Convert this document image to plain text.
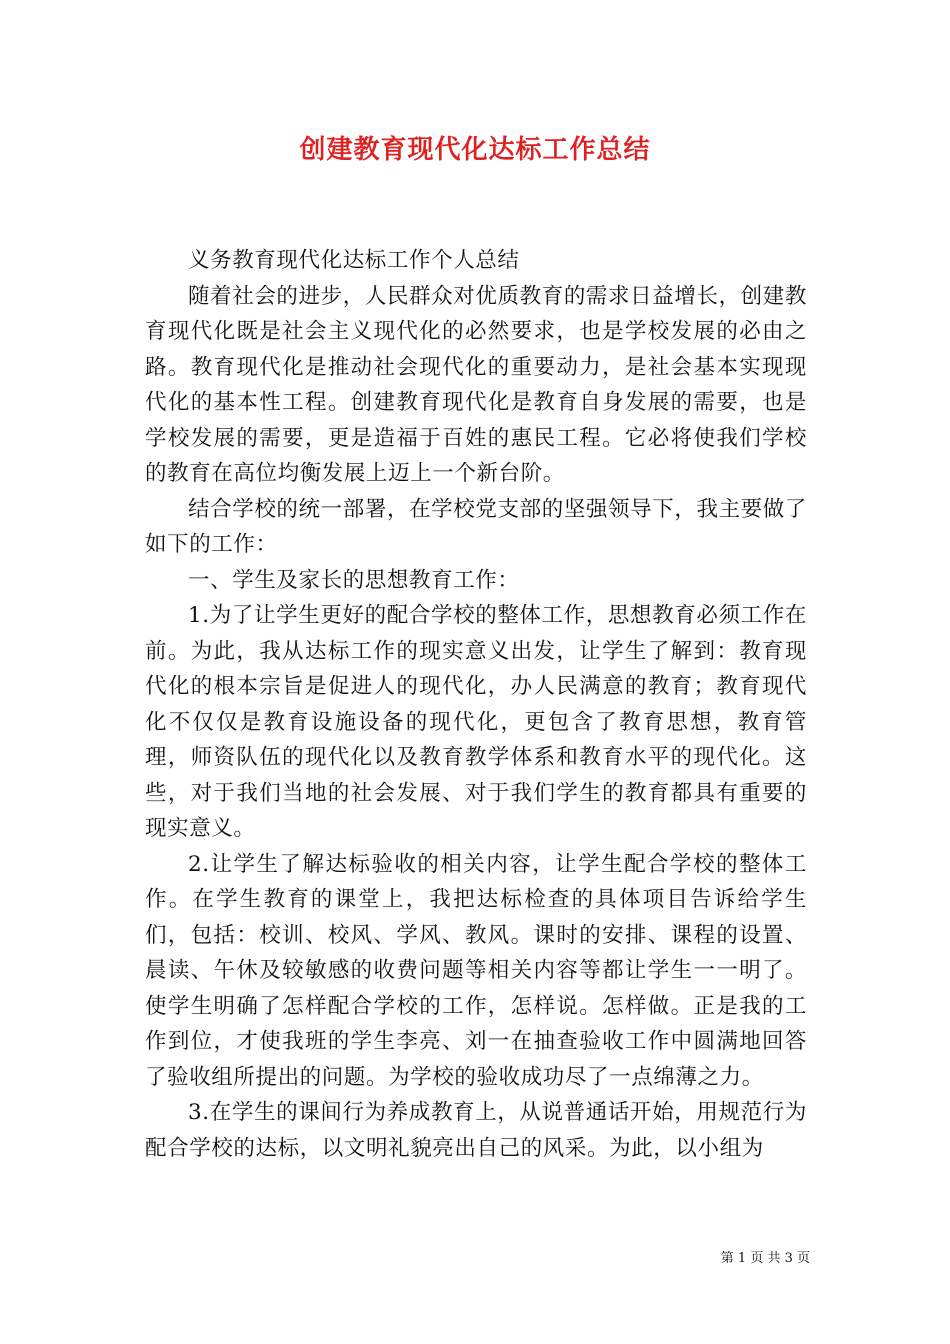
创建教育现代化达标工作总结

义务教育现代化达标工作个人总结

随着社会的进步，人民群众对优质教育的需求日益增长，创建教育现代化既是社会主义现代化的必然要求，也是学校发展的必由之路。教育现代化是推动社会现代化的重要动力，是社会基本实现现代化的基本性工程。创建教育现代化是教育自身发展的需要，也是学校发展的需要，更是造福于百姓的惠民工程。它必将使我们学校的教育在高位均衡发展上迈上一个新台阶。

结合学校的统一部署，在学校党支部的坚强领导下，我主要做了如下的工作：

一、学生及家长的思想教育工作：

1.为了让学生更好的配合学校的整体工作，思想教育必须工作在前。为此，我从达标工作的现实意义出发，让学生了解到：教育现代化的根本宗旨是促进人的现代化，办人民满意的教育；教育现代化不仅仅是教育设施设备的现代化，更包含了教育思想，教育管理，师资队伍的现代化以及教育教学体系和教育水平的现代化。这些，对于我们当地的社会发展、对于我们学生的教育都具有重要的现实意义。

2.让学生了解达标验收的相关内容，让学生配合学校的整体工作。在学生教育的课堂上，我把达标检查的具体项目告诉给学生们，包括：校训、校风、学风、教风。课时的安排、课程的设置、晨读、午休及较敏感的收费问题等相关内容等都让学生一一明了。使学生明确了怎样配合学校的工作，怎样说。怎样做。正是我的工作到位，才使我班的学生李亮、刘一在抽查验收工作中圆满地回答了验收组所提出的问题。为学校的验收成功尽了一点绵薄之力。

3.在学生的课间行为养成教育上，从说普通话开始，用规范行为配合学校的达标，以文明礼貌亮出自己的风采。为此，以小组为

第 1 页 共 3 页
